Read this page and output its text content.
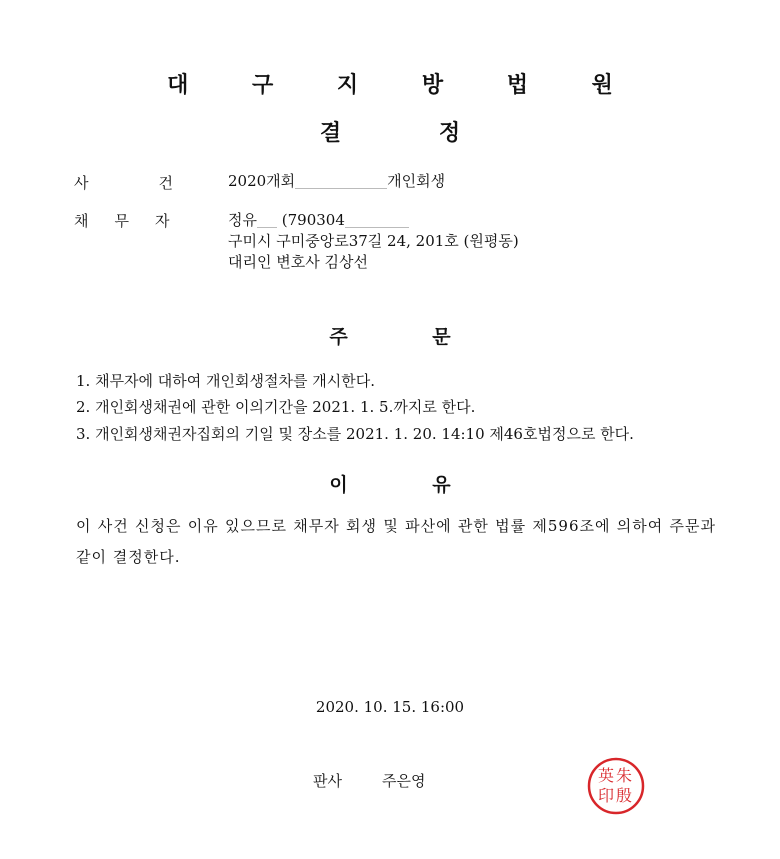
대 구 지 방 법 원
결 정
사	건	2020개회	개인회생
채 무 자	정유 (790304
구미시 구미중앙로37길 24, 201호 (원평동)
대리인 변호사 김상선
주 문
1. 채무자에 대하여 개인회생절차를 개시한다.
2. 개인회생채권에 관한 이의기간을 2021. 1. 5.까지로 한다.
3. 개인회생채권자집회의 기일 및 장소를 2021. 1. 20. 14:10 제46호법정으로 한다.
이 유
이 사건 신청은 이유 있으므로 채무자 회생 및 파산에 관한 법률 제596조에 의하여 주문과 같이 결정한다.
2020. 10. 15. 16:00
판사	주은영	朱
殷
英
印
